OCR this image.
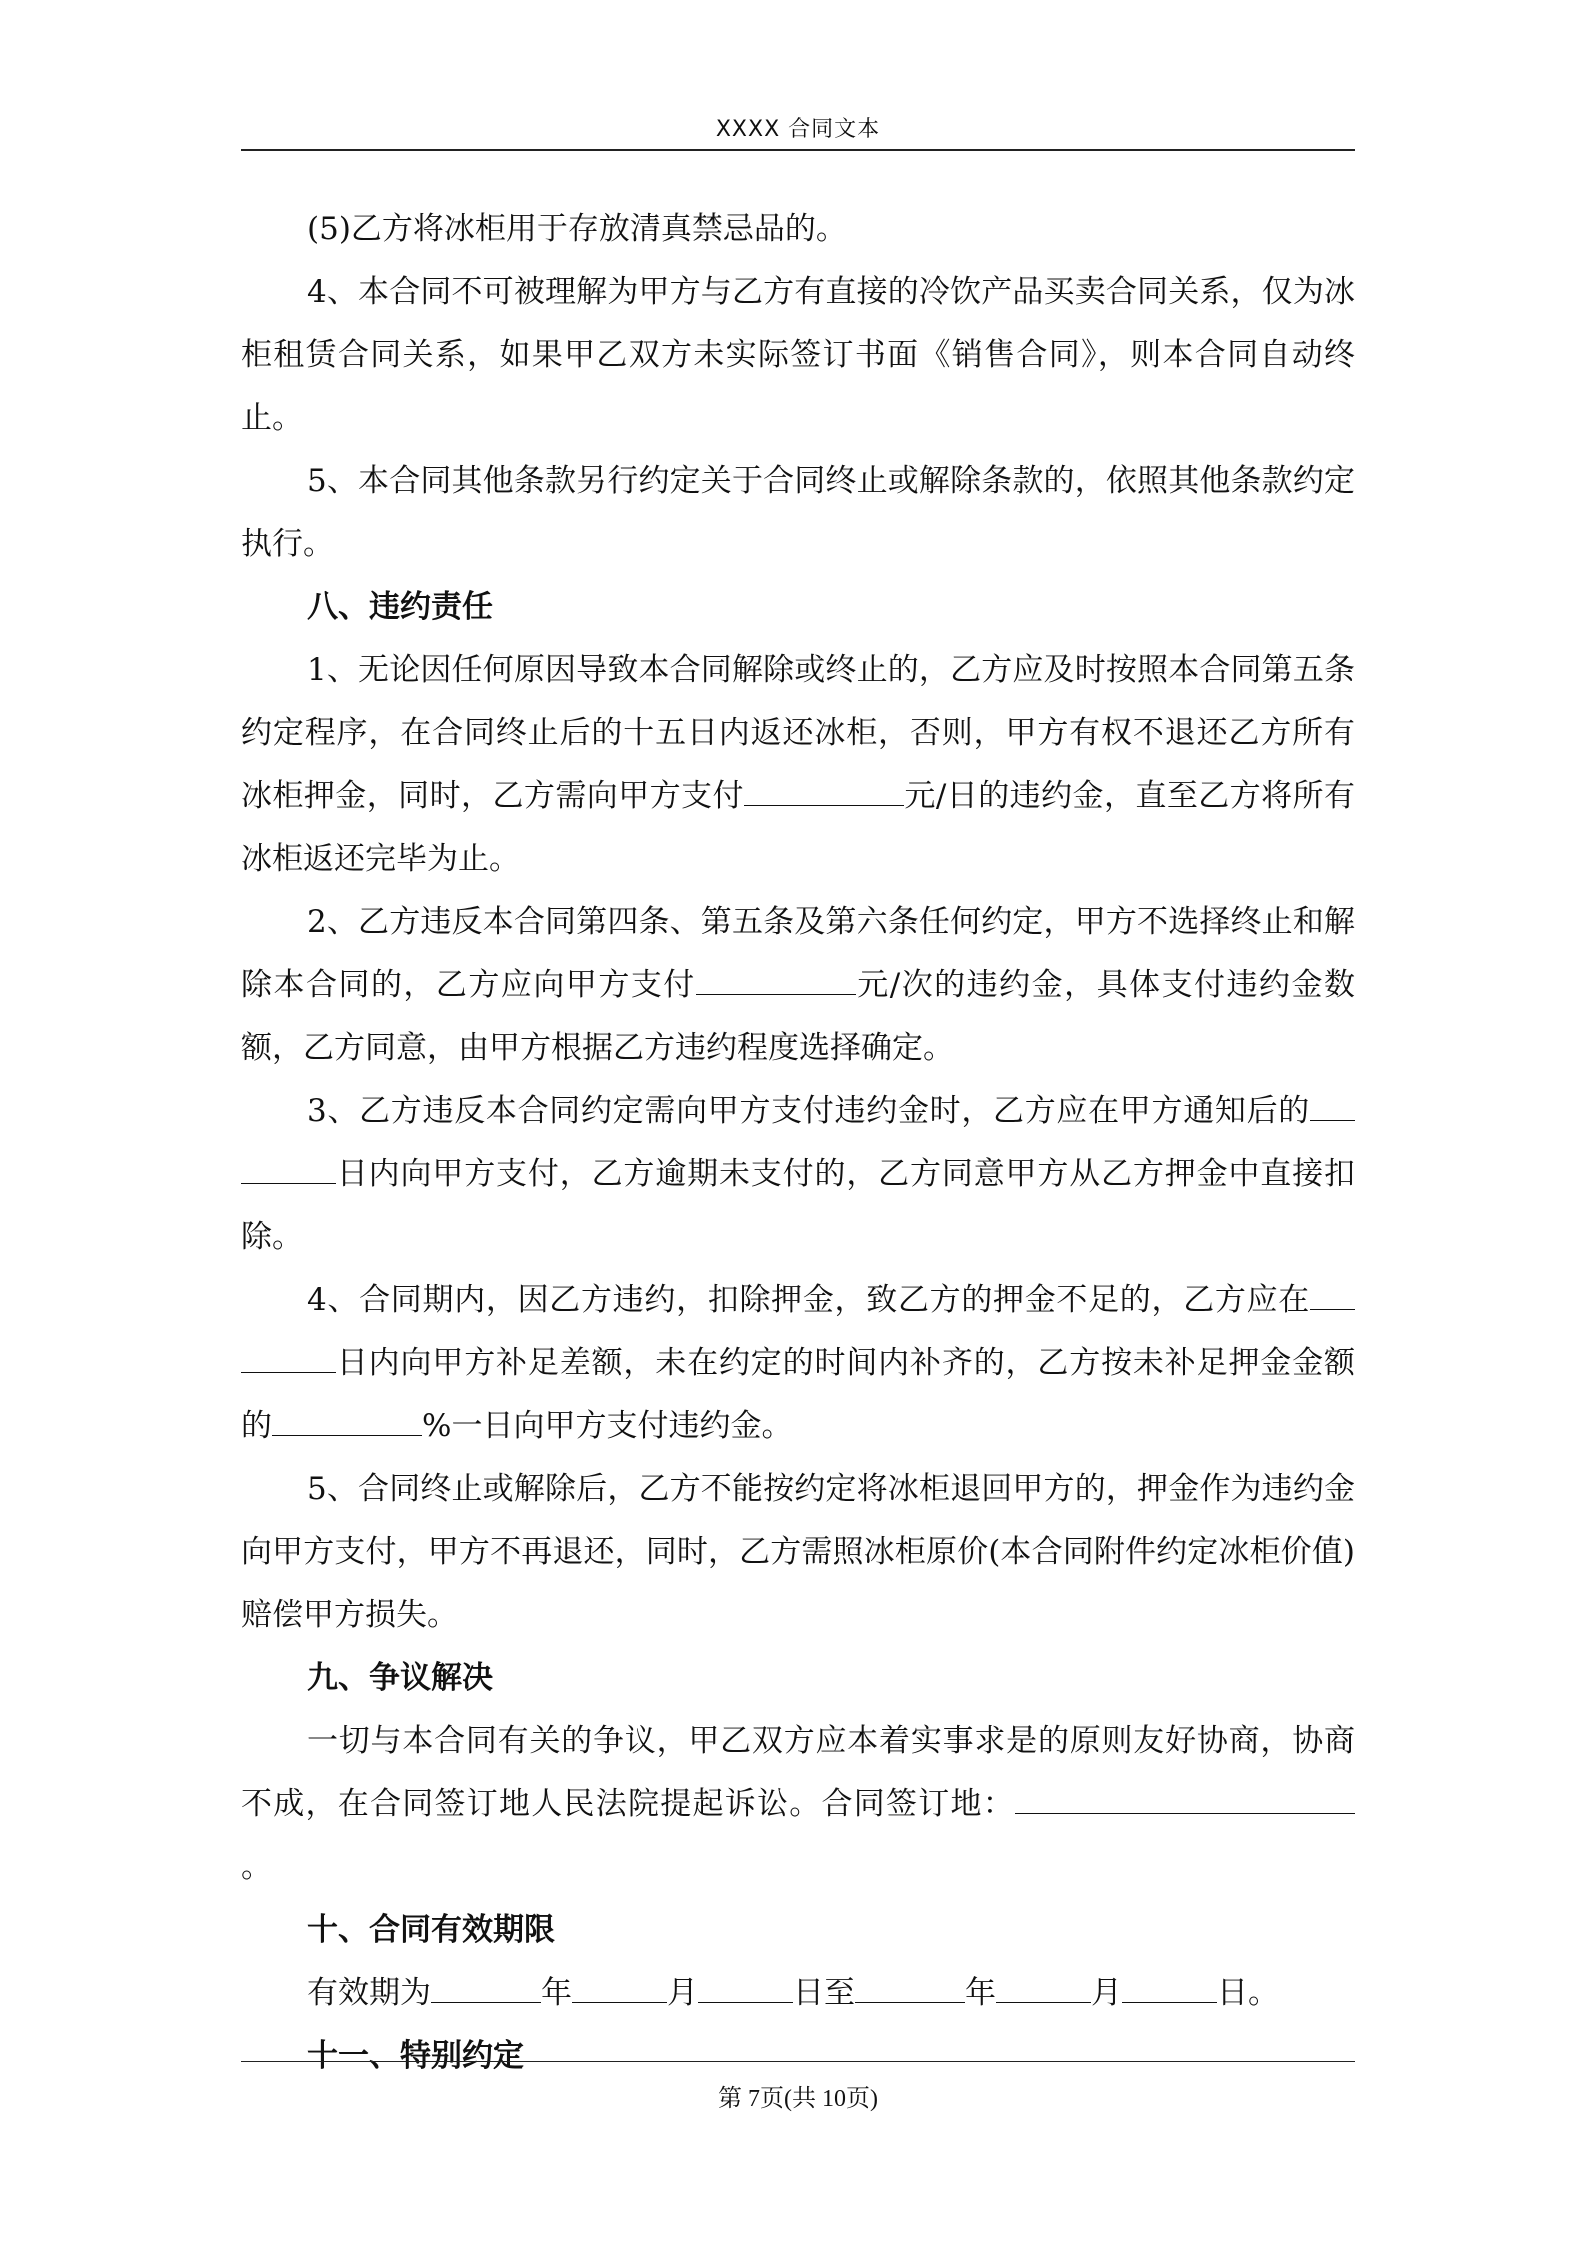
XXXX 合同文本

(5)乙方将冰柜用于存放清真禁忌品的。

4、本合同不可被理解为甲方与乙方有直接的冷饮产品买卖合同关系，仅为冰柜租赁合同关系，如果甲乙双方未实际签订书面《销售合同》，则本合同自动终止。

5、本合同其他条款另行约定关于合同终止或解除条款的，依照其他条款约定执行。

八、违约责任

1、无论因任何原因导致本合同解除或终止的，乙方应及时按照本合同第五条约定程序，在合同终止后的十五日内返还冰柜，否则，甲方有权不退还乙方所有冰柜押金，同时，乙方需向甲方支付	元/日的违约金，直至乙方将所有冰柜返还完毕为止。

2、乙方违反本合同第四条、第五条及第六条任何约定，甲方不选择终止和解除本合同的，乙方应向甲方支付	元/次的违约金，具体支付违约金数额，乙方同意，由甲方根据乙方违约程度选择确定。

3、乙方违反本合同约定需向甲方支付违约金时，乙方应在甲方通知后的日内向甲方支付，乙方逾期未支付的，乙方同意甲方从乙方押金中直接扣除。

4、合同期内，因乙方违约，扣除押金，致乙方的押金不足的，乙方应在日内向甲方补足差额，未在约定的时间内补齐的，乙方按未补足押金金额的	%一日向甲方支付违约金。

5、合同终止或解除后，乙方不能按约定将冰柜退回甲方的，押金作为违约金向甲方支付，甲方不再退还，同时，乙方需照冰柜原价(本合同附件约定冰柜价值)赔偿甲方损失。

九、争议解决

一切与本合同有关的争议，甲乙双方应本着实事求是的原则友好协商，协商不成，在合同签订地人民法院提起诉讼。合同签订地：。

十、合同有效期限

有效期为	年	月	日至	年	月	日。

十一、特别约定

第 7页(共 10页)
